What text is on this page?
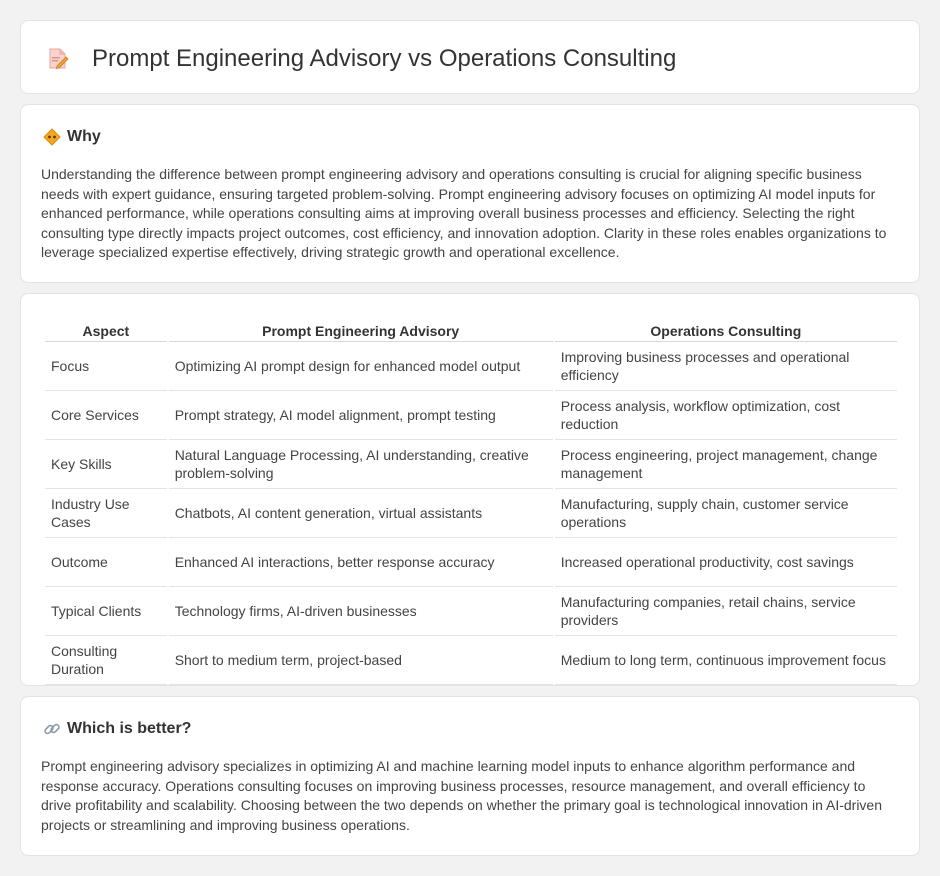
Prompt Engineering Advisory vs Operations Consulting
Why

Understanding the difference between prompt engineering advisory and operations consulting is crucial for aligning specific business needs with expert guidance, ensuring targeted problem-solving. Prompt engineering advisory focuses on optimizing AI model inputs for enhanced performance, while operations consulting aims at improving overall business processes and efficiency. Selecting the right consulting type directly impacts project outcomes, cost efficiency, and innovation adoption. Clarity in these roles enables organizations to leverage specialized expertise effectively, driving strategic growth and operational excellence.

Aspect	Prompt Engineering Advisory	Operations Consulting
Focus	Optimizing AI prompt design for enhanced model output	Improving business processes and operational efficiency
Core Services	Prompt strategy, AI model alignment, prompt testing	Process analysis, workflow optimization, cost reduction
Key Skills	Natural Language Processing, AI understanding, creative problem-solving	Process engineering, project management, change management
Industry Use Cases	Chatbots, AI content generation, virtual assistants	Manufacturing, supply chain, customer service operations
Outcome	Enhanced AI interactions, better response accuracy	Increased operational productivity, cost savings
Typical Clients	Technology firms, AI-driven businesses	Manufacturing companies, retail chains, service providers
Consulting Duration	Short to medium term, project-based	Medium to long term, continuous improvement focus
Which is better?

Prompt engineering advisory specializes in optimizing AI and machine learning model inputs to enhance algorithm performance and response accuracy. Operations consulting focuses on improving business processes, resource management, and overall efficiency to drive profitability and scalability. Choosing between the two depends on whether the primary goal is technological innovation in AI-driven projects or streamlining and improving business operations.
